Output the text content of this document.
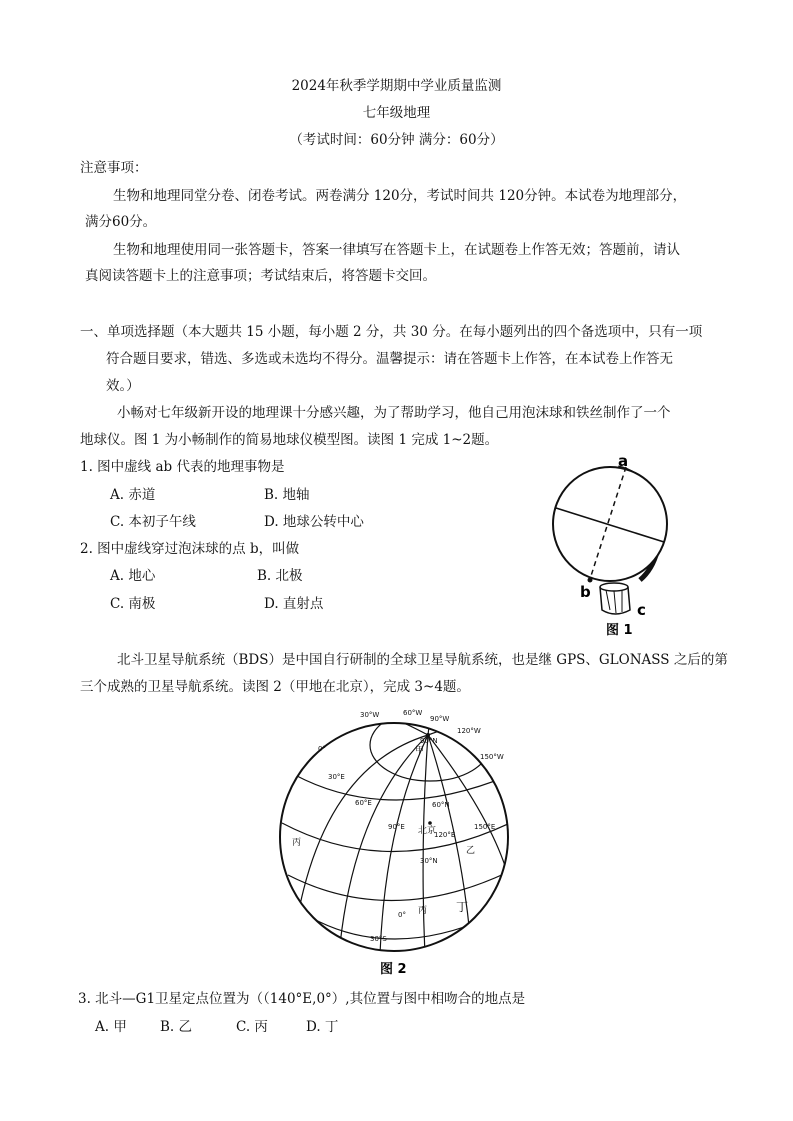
2024年秋季学期期中学业质量监测
七年级地理
（考试时间：60分钟 满分：60分）
注意事项：
生物和地理同堂分卷、闭卷考试。两卷满分 120分，考试时间共 120分钟。本试卷为地理部分，
满分60分。
生物和地理使用同一张答题卡，答案一律填写在答题卡上，在试题卷上作答无效；答题前，请认
真阅读答题卡上的注意事项；考试结束后，将答题卡交回。
一、单项选择题（本大题共 15 小题，每小题 2 分，共 30 分。在每小题列出的四个备选项中，只有一项
符合题目要求，错选、多选或未选均不得分。温馨提示：请在答题卡上作答，在本试卷上作答无
效。）
小畅对七年级新开设的地理课十分感兴趣，为了帮助学习，他自己用泡沫球和铁丝制作了一个
地球仪。图 1 为小畅制作的简易地球仪模型图。读图 1 完成 1~2题。
1. 图中虚线 ab 代表的地理事物是
A. 赤道	B. 地轴
C. 本初子午线	D. 地球公转中心
2. 图中虚线穿过泡沫球的点 b，叫做
A. 地心	B. 北极
C. 南极	D. 直射点
a
b
c
图 1
北斗卫星导航系统（BDS）是中国自行研制的全球卫星导航系统，也是继 GPS、GLONASS 之后的第
三个成熟的卫星导航系统。读图 2（甲地在北京），完成 3~4题。
30°W	60°W
90°W
120°W
150°W
90°N
60°N
30°N
0°
30°S
0°
30°E
60°E
90°E
120°E
150°E
北京
甲
丙
乙
丙 丁
图 2
3. 北斗—G1卫星定点位置为（（140°E,0°）,其位置与图中相吻合的地点是
A. 甲 B. 乙	C. 丙	D. 丁
